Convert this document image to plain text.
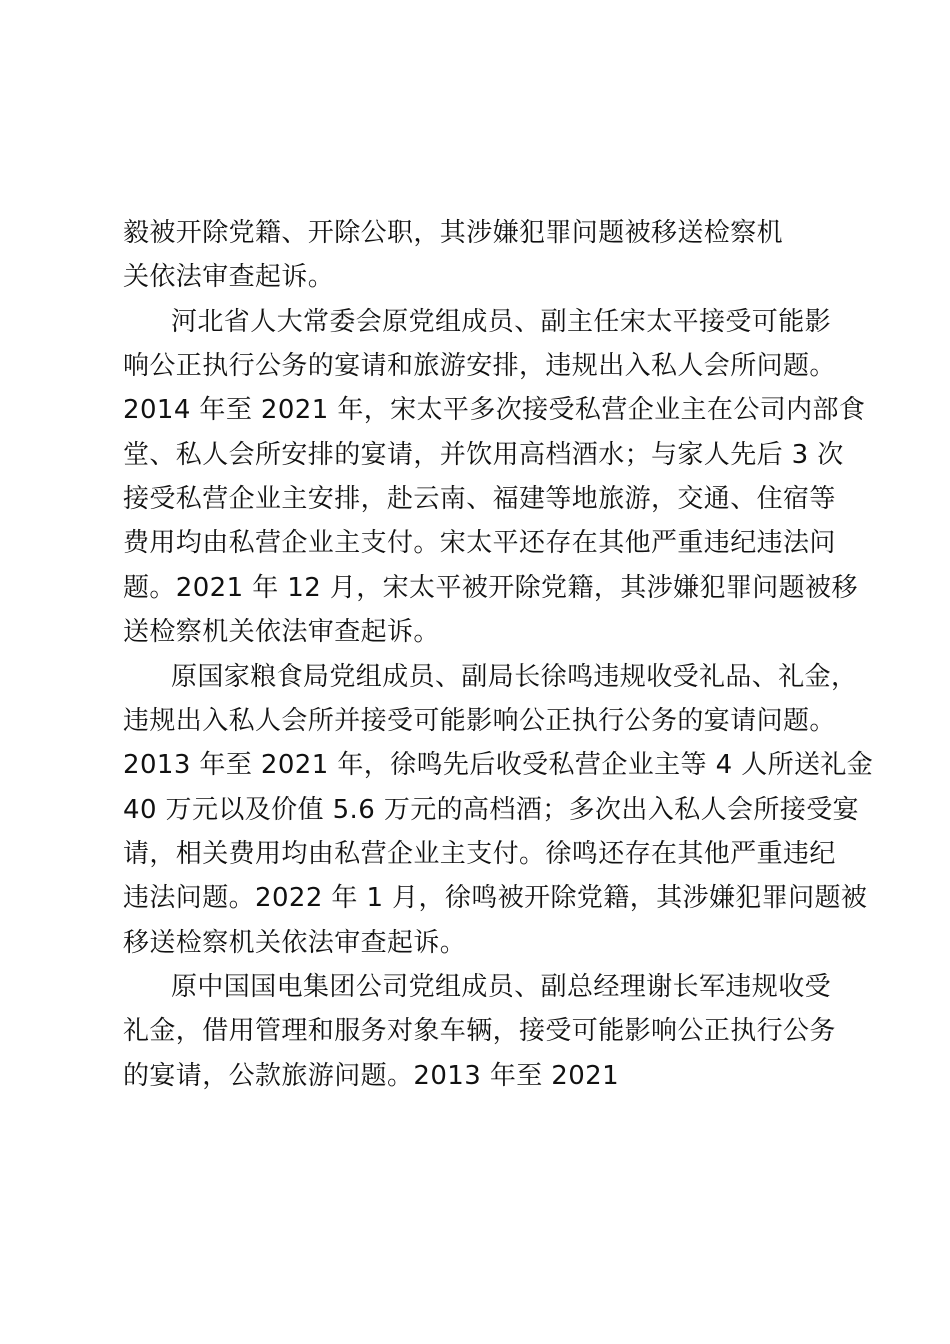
毅被开除党籍、开除公职，其涉嫌犯罪问题被移送检察机
关依法审查起诉。
河北省人大常委会原党组成员、副主任宋太平接受可能影
响公正执行公务的宴请和旅游安排，违规出入私人会所问题。
2014 年至 2021 年，宋太平多次接受私营企业主在公司内部食
堂、私人会所安排的宴请，并饮用高档酒水；与家人先后 3 次
接受私营企业主安排，赴云南、福建等地旅游，交通、住宿等
费用均由私营企业主支付。宋太平还存在其他严重违纪违法问
题。2021 年 12 月，宋太平被开除党籍，其涉嫌犯罪问题被移
送检察机关依法审查起诉。
原国家粮食局党组成员、副局长徐鸣违规收受礼品、礼金，
违规出入私人会所并接受可能影响公正执行公务的宴请问题。
2013 年至 2021 年，徐鸣先后收受私营企业主等 4 人所送礼金
40 万元以及价值 5.6 万元的高档酒；多次出入私人会所接受宴
请，相关费用均由私营企业主支付。徐鸣还存在其他严重违纪
违法问题。2022 年 1 月，徐鸣被开除党籍，其涉嫌犯罪问题被
移送检察机关依法审查起诉。
原中国国电集团公司党组成员、副总经理谢长军违规收受
礼金，借用管理和服务对象车辆，接受可能影响公正执行公务
的宴请，公款旅游问题。2013 年至 2021
